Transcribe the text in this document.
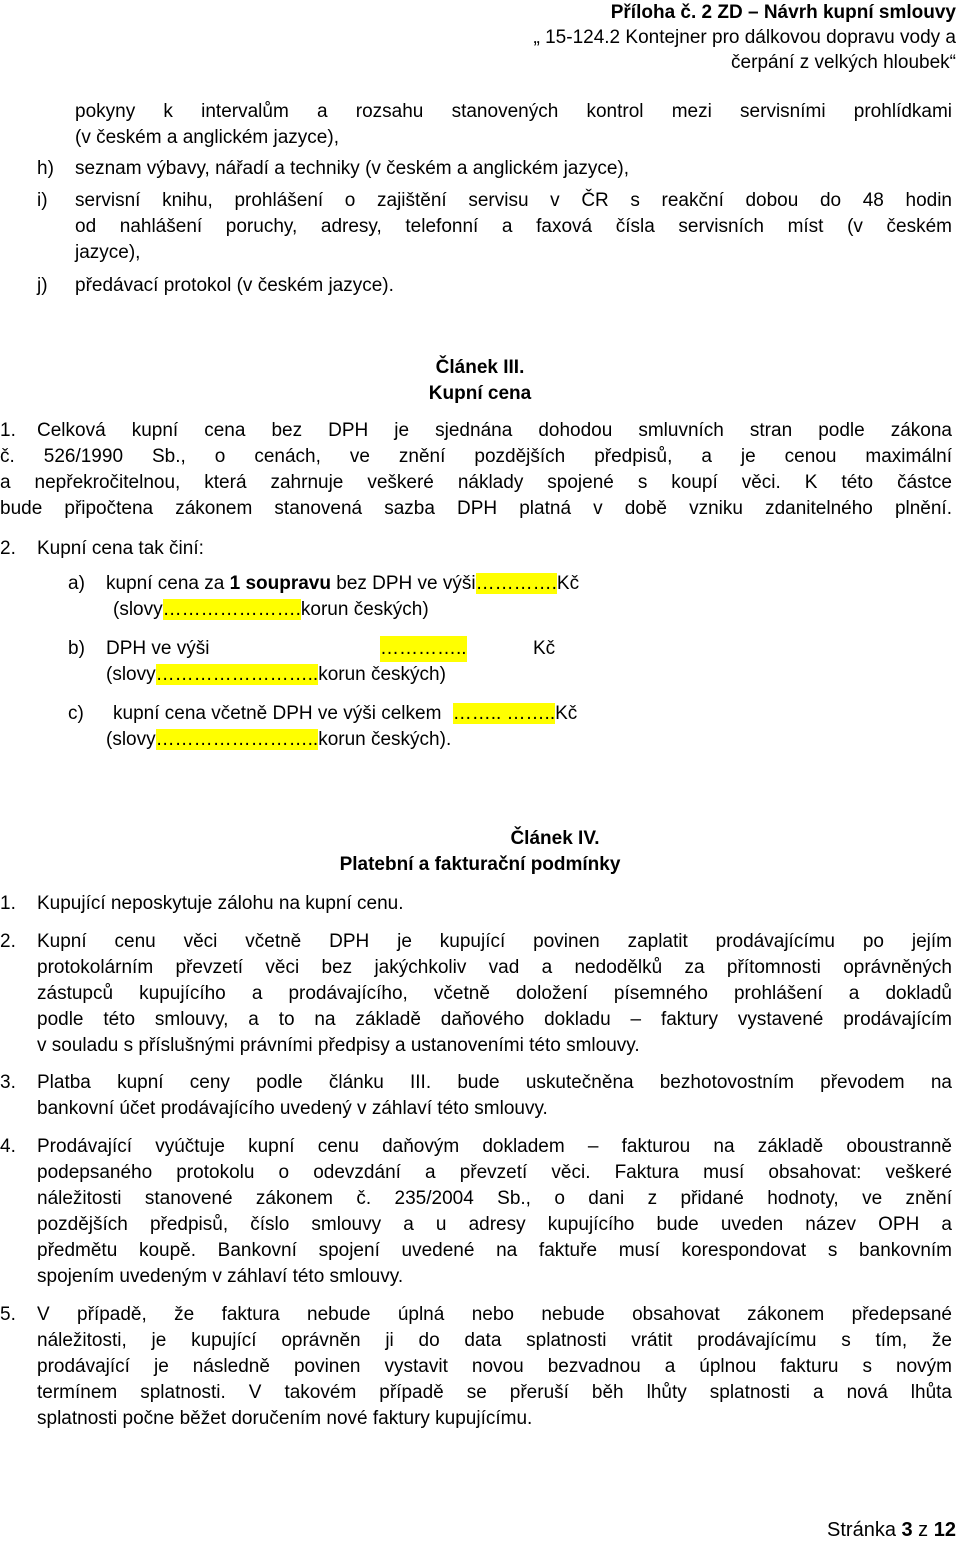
Příloha č. 2 ZD – Návrh kupní smlouvy
„ 15-124.2 Kontejner pro dálkovou dopravu vody a
čerpání z velkých hloubek“
pokyny k intervalům a rozsahu stanovených kontrol mezi servisními prohlídkami
(v českém a anglickém jazyce),
h) seznam výbavy, nářadí a techniky (v českém a anglickém jazyce),
i) servisní knihu, prohlášení o zajištění servisu v ČR s reakční dobou do 48 hodin
od nahlášení poruchy, adresy, telefonní a faxová čísla servisních míst (v českém
jazyce),
j) předávací protokol (v českém jazyce).
Článek III.
Kupní cena
1. Celková kupní cena bez DPH je sjednána dohodou smluvních stran podle zákona
č. 526/1990 Sb., o cenách, ve znění pozdějších předpisů, a je cenou maximální
a nepřekročitelnou, která zahrnuje veškeré náklady spojené s koupí věci. K této částce
bude připočtena zákonem stanovená sazba DPH platná v době vzniku zdanitelného plnění.
2. Kupní cena tak činí:
a) kupní cena za 1 soupravu bez DPH ve výši………….Kč
(slovy………………….korun českých)
b) DPH ve výši	…………..	Kč
(slovy……………………..korun českých)
c) kupní cena včetně DPH ve výši celkem …….. ……..Kč
(slovy……………………..korun českých).
Článek IV.
Platební a fakturační podmínky
1. Kupující neposkytuje zálohu na kupní cenu.
2. Kupní cenu věci včetně DPH je kupující povinen zaplatit prodávajícímu po jejím
protokolárním převzetí věci bez jakýchkoliv vad a nedodělků za přítomnosti oprávněných
zástupců kupujícího a prodávajícího, včetně doložení písemného prohlášení a dokladů
podle této smlouvy, a to na základě daňového dokladu – faktury vystavené prodávajícím
v souladu s příslušnými právními předpisy a ustanoveními této smlouvy.
3. Platba kupní ceny podle článku III. bude uskutečněna bezhotovostním převodem na
bankovní účet prodávajícího uvedený v záhlaví této smlouvy.
4. Prodávající vyúčtuje kupní cenu daňovým dokladem – fakturou na základě oboustranně
podepsaného protokolu o odevzdání a převzetí věci. Faktura musí obsahovat: veškeré
náležitosti stanovené zákonem č. 235/2004 Sb., o dani z přidané hodnoty, ve znění
pozdějších předpisů, číslo smlouvy a u adresy kupujícího bude uveden název OPH a
předmětu koupě. Bankovní spojení uvedené na faktuře musí korespondovat s bankovním
spojením uvedeným v záhlaví této smlouvy.
5. V případě, že faktura nebude úplná nebo nebude obsahovat zákonem předepsané
náležitosti, je kupující oprávněn ji do data splatnosti vrátit prodávajícímu s tím, že
prodávající je následně povinen vystavit novou bezvadnou a úplnou fakturu s novým
termínem splatnosti. V takovém případě se přeruší běh lhůty splatnosti a nová lhůta
splatnosti počne běžet doručením nové faktury kupujícímu.
Stránka 3 z 12
